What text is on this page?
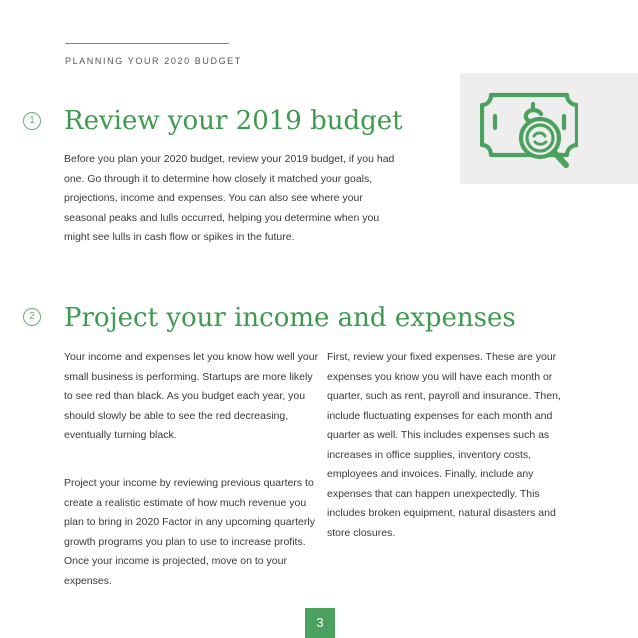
PLANNING YOUR 2020 BUDGET
1 Review your 2019 budget

Before you plan your 2020 budget, review your 2019 budget, if you had one. Go through it to determine how closely it matched your goals, projections, income and expenses. You can also see where your seasonal peaks and lulls occurred, helping you determine when you might see lulls in cash flow or spikes in the future.

2 Project your income and expenses

Your income and expenses let you know how well your small business is performing. Startups are more likely to see red than black. As you budget each year, you should slowly be able to see the red decreasing, eventually turning black.

Project your income by reviewing previous quarters to create a realistic estimate of how much revenue you plan to bring in 2020 Factor in any upcoming quarterly growth programs you plan to use to increase profits. Once your income is projected, move on to your expenses.

First, review your fixed expenses. These are your expenses you know you will have each month or quarter, such as rent, payroll and insurance. Then, include fluctuating expenses for each month and quarter as well. This includes expenses such as increases in office supplies, inventory costs, employees and invoices. Finally, include any expenses that can happen unexpectedly. This includes broken equipment, natural disasters and store closures.

3
